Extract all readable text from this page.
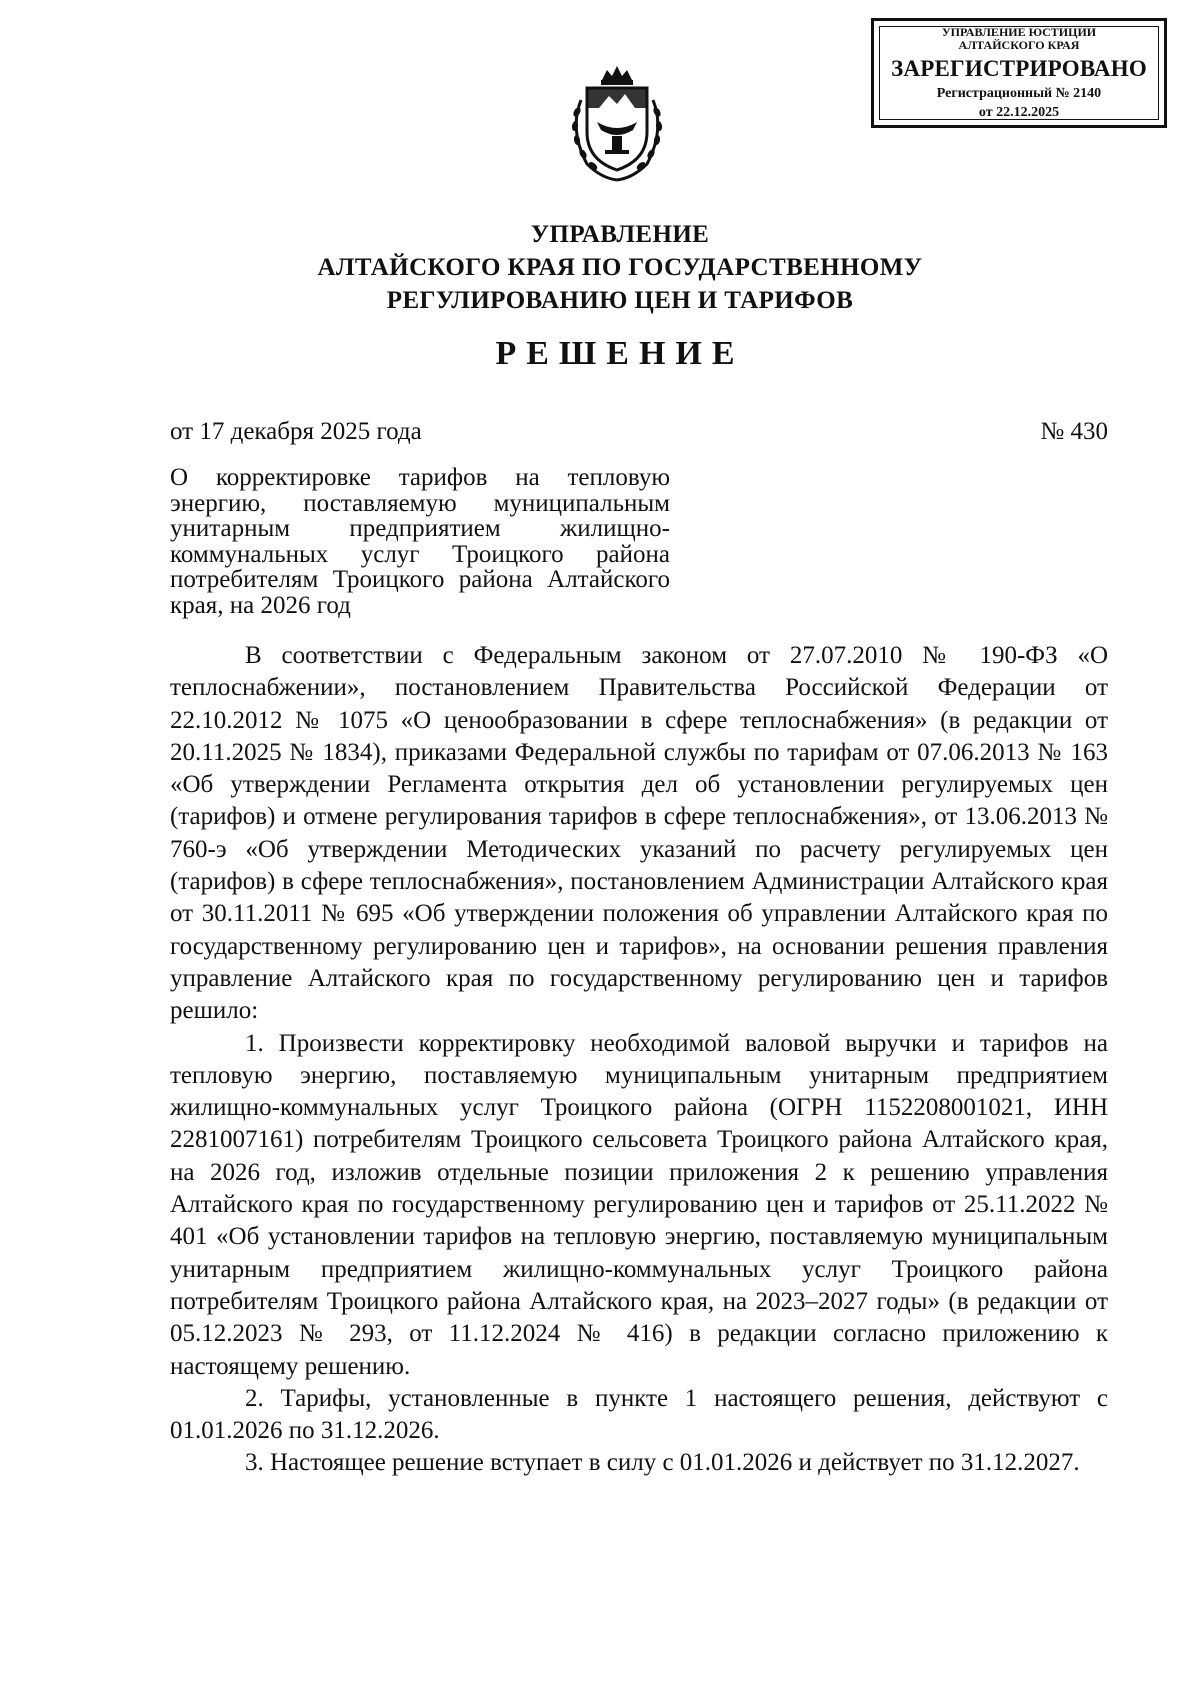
УПРАВЛЕНИЕ ЮСТИЦИИ
АЛТАЙСКОГО КРАЯ
ЗАРЕГИСТРИРОВАНО
Регистрационный № 2140
от 22.12.2025
УПРАВЛЕНИЕ
АЛТАЙСКОГО КРАЯ ПО ГОСУДАРСТВЕННОМУ
РЕГУЛИРОВАНИЮ ЦЕН И ТАРИФОВ
РЕШЕНИЕ
от 17 декабря 2025 года	№ 430
О корректировке тарифов на тепловую энергию, поставляемую муниципальным унитарным предприятием жилищно-коммунальных услуг Троицкого района потребителям Троицкого района Алтайского края, на 2026 год

В соответствии с Федеральным законом от 27.07.2010 № 190-ФЗ «О теплоснабжении», постановлением Правительства Российской Федерации от 22.10.2012 № 1075 «О ценообразовании в сфере теплоснабжения» (в редакции от 20.11.2025 № 1834), приказами Федеральной службы по тарифам от 07.06.2013 № 163 «Об утверждении Регламента открытия дел об установлении регулируемых цен (тарифов) и отмене регулирования тарифов в сфере теплоснабжения», от 13.06.2013 № 760-э «Об утверждении Методических указаний по расчету регулируемых цен (тарифов) в сфере теплоснабжения», постановлением Администрации Алтайского края от 30.11.2011 № 695 «Об утверждении положения об управлении Алтайского края по государственному регулированию цен и тарифов», на основании решения правления управление Алтайского края по государственному регулированию цен и тарифов решило:

1. Произвести корректировку необходимой валовой выручки и тарифов на тепловую энергию, поставляемую муниципальным унитарным предприятием жилищно-коммунальных услуг Троицкого района (ОГРН 1152208001021, ИНН 2281007161) потребителям Троицкого сельсовета Троицкого района Алтайского края, на 2026 год, изложив отдельные позиции приложения 2 к решению управления Алтайского края по государственному регулированию цен и тарифов от 25.11.2022 № 401 «Об установлении тарифов на тепловую энергию, поставляемую муниципальным унитарным предприятием жилищно-коммунальных услуг Троицкого района потребителям Троицкого района Алтайского края, на 2023–2027 годы» (в редакции от 05.12.2023 № 293, от 11.12.2024 № 416) в редакции согласно приложению к настоящему решению.

2. Тарифы, установленные в пункте 1 настоящего решения, действуют с 01.01.2026 по 31.12.2026.

3. Настоящее решение вступает в силу с 01.01.2026 и действует по 31.12.2027.
